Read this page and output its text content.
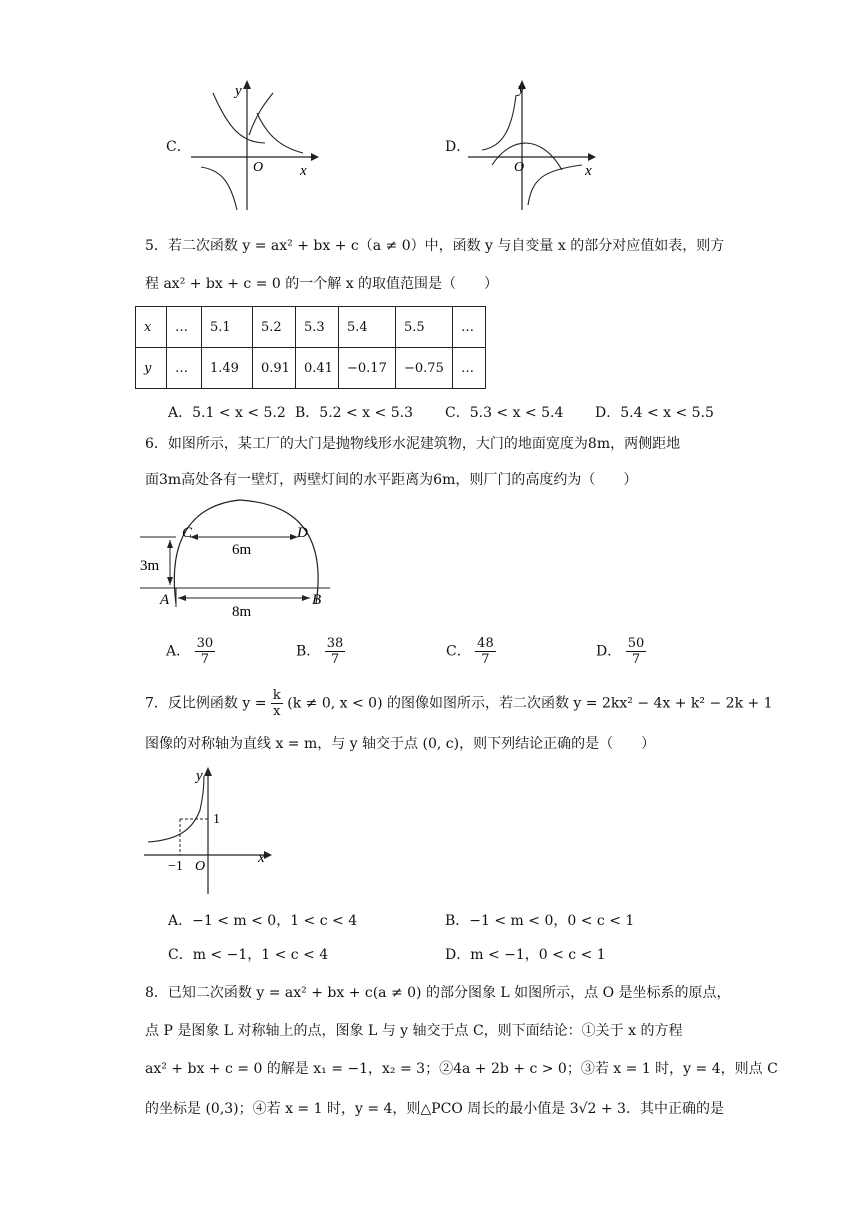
C．
y
x
O
D．
y
x
O
5．若二次函数 y = ax² + bx + c（a ≠ 0）中，函数 y 与自变量 x 的部分对应值如表，则方
程 ax² + bx + c = 0 的一个解 x 的取值范围是（　　）
x	…	5.1	5.2	5.3	5.4	5.5	…
y	…	1.49	0.91	0.41	−0.17	−0.75	…
A．5.1 < x < 5.2 B．5.2 < x < 5.3 C．5.3 < x < 5.4 D．5.4 < x < 5.5
6．如图所示，某工厂的大门是抛物线形水泥建筑物，大门的地面宽度为8m，两侧距地
面3m高处各有一壁灯，两壁灯间的水平距离为6m，则厂门的高度约为（　　）
C	D
A	B
6m
8m
3m
A． $\frac{30}{7}$	B． $\frac{38}{7}$	C． $\frac{48}{7}$	D． $\frac{50}{7}$
7．反比例函数 $y = \frac{k}{x} (k \ne 0$, x < 0) 的图像如图所示，若二次函数 y = 2kx² − 4x + k² − 2k + 1
图像的对称轴为直线 x = m，与 y 轴交于点 (0, c)，则下列结论正确的是（　　）
y
x
O
1
−1
A．−1 < m < 0，1 < c < 4	B．−1 < m < 0，0 < c < 1
C．m < −1，1 < c < 4	D．m < −1，0 < c < 1
8．已知二次函数 y = ax² + bx + c(a ≠ 0) 的部分图象 L 如图所示，点 O 是坐标系的原点，
点 P 是图象 L 对称轴上的点，图象 L 与 y 轴交于点 C，则下面结论：①关于 x 的方程
ax² + bx + c = 0 的解是 x₁ = −1，x₂ = 3；②4a + 2b + c > 0；③若 x = 1 时，y = 4，则点 C
的坐标是 (0,3)；④若 x = 1 时，y = 4，则△PCO 周长的最小值是 3√2 + 3．其中正确的是
